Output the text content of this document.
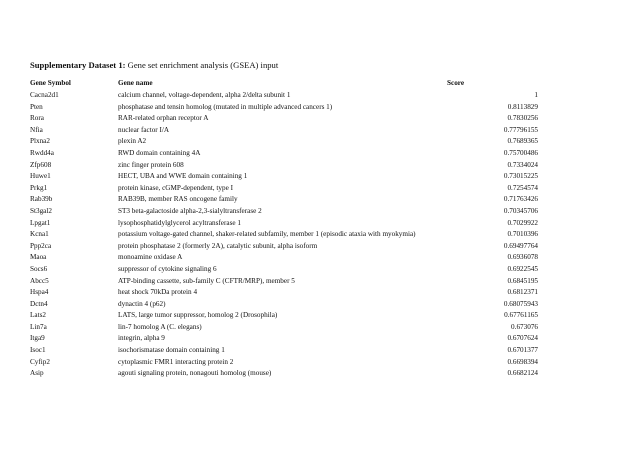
Supplementary Dataset 1: Gene set enrichment analysis (GSEA) input
Gene Symbol	Gene name	Score
Cacna2d1	calcium channel, voltage-dependent, alpha 2/delta subunit 1	1
Pten	phosphatase and tensin homolog (mutated in multiple advanced cancers 1)	0.8113829
Rora	RAR-related orphan receptor A	0.7830256
Nfia	nuclear factor I/A	0.77796155
Plxna2	plexin A2	0.7689365
Rwdd4a	RWD domain containing 4A	0.75700486
Zfp608	zinc finger protein 608	0.7334024
Huwe1	HECT, UBA and WWE domain containing 1	0.73015225
Prkg1	protein kinase, cGMP-dependent, type I	0.7254574
Rab39b	RAB39B, member RAS oncogene family	0.71763426
St3gal2	ST3 beta-galactoside alpha-2,3-sialyltransferase 2	0.70345706
Lpgat1	lysophosphatidylglycerol acyltransferase 1	0.7029922
Kcna1	potassium voltage-gated channel, shaker-related subfamily, member 1 (episodic ataxia with myokymia)	0.7010396
Ppp2ca	protein phosphatase 2 (formerly 2A), catalytic subunit, alpha isoform	0.69497764
Maoa	monoamine oxidase A	0.6936078
Socs6	suppressor of cytokine signaling 6	0.6922545
Abcc5	ATP-binding cassette, sub-family C (CFTR/MRP), member 5	0.6845195
Hspa4	heat shock 70kDa protein 4	0.6812371
Dctn4	dynactin 4 (p62)	0.68075943
Lats2	LATS, large tumor suppressor, homolog 2 (Drosophila)	0.67761165
Lin7a	lin-7 homolog A (C. elegans)	0.673076
Itga9	integrin, alpha 9	0.6707624
Isoc1	isochorismatase domain containing 1	0.6701377
Cyfip2	cytoplasmic FMR1 interacting protein 2	0.6698394
Asip	agouti signaling protein, nonagouti homolog (mouse)	0.6682124
